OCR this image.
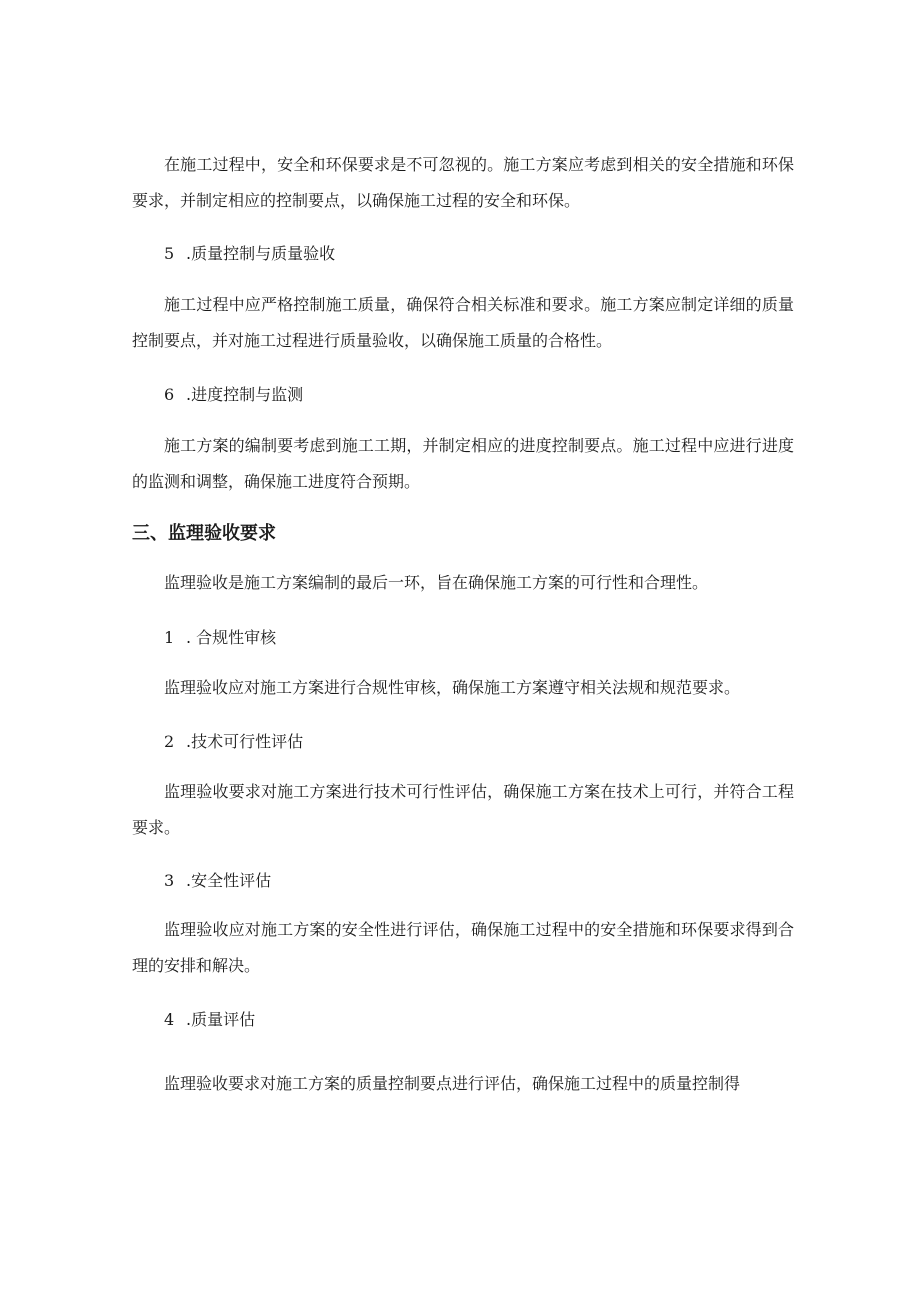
在施工过程中，安全和环保要求是不可忽视的。施工方案应考虑到相关的安全措施和环保要求，并制定相应的控制要点，以确保施工过程的安全和环保。

5 .质量控制与质量验收

施工过程中应严格控制施工质量，确保符合相关标准和要求。施工方案应制定详细的质量控制要点，并对施工过程进行质量验收，以确保施工质量的合格性。

6 .进度控制与监测

施工方案的编制要考虑到施工工期，并制定相应的进度控制要点。施工过程中应进行进度的监测和调整，确保施工进度符合预期。

三、监理验收要求

监理验收是施工方案编制的最后一环，旨在确保施工方案的可行性和合理性。

1 . 合规性审核

监理验收应对施工方案进行合规性审核，确保施工方案遵守相关法规和规范要求。

2 .技术可行性评估

监理验收要求对施工方案进行技术可行性评估，确保施工方案在技术上可行，并符合工程要求。

3 .安全性评估

监理验收应对施工方案的安全性进行评估，确保施工过程中的安全措施和环保要求得到合理的安排和解决。

4 .质量评估

监理验收要求对施工方案的质量控制要点进行评估，确保施工过程中的质量控制得
